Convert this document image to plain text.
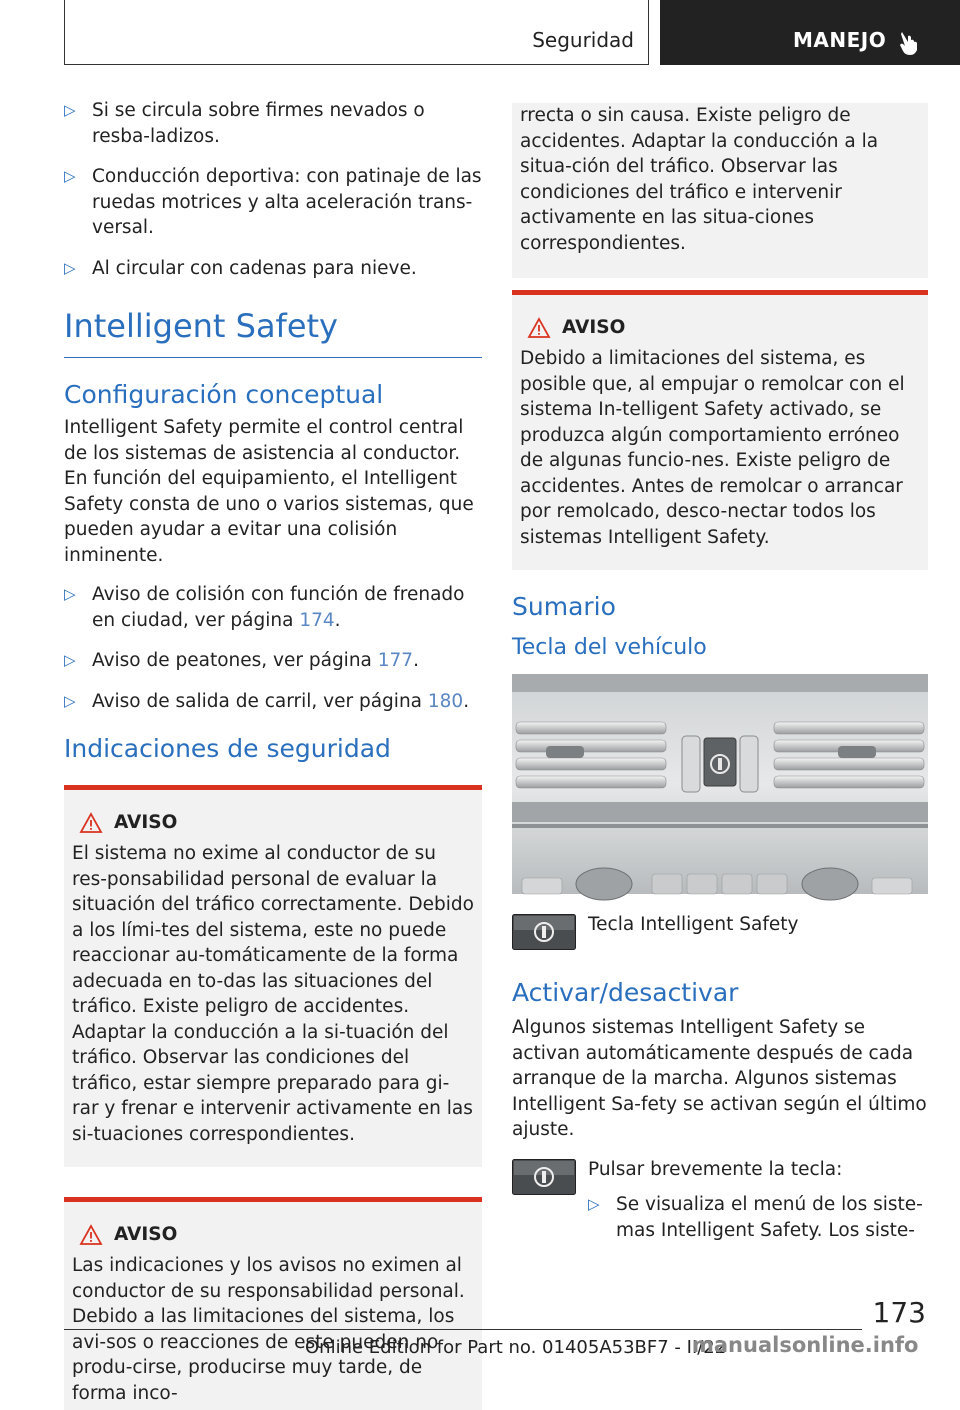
Seguridad	MANEJO
▷ Si se circula sobre firmes nevados o resba-ladizos.
▷ Conducción deportiva: con patinaje de las ruedas motrices y alta aceleración trans-versal.
▷ Al circular con cadenas para nieve.
Intelligent Safety
Configuración conceptual
Intelligent Safety permite el control central de los sistemas de asistencia al conductor. En función del equipamiento, el Intelligent Safety consta de uno o varios sistemas, que pueden ayudar a evitar una colisión inminente.
▷ Aviso de colisión con función de frenado en ciudad, ver página 174.
▷ Aviso de peatones, ver página 177.
▷ Aviso de salida de carril, ver página 180.
Indicaciones de seguridad
AVISO
El sistema no exime al conductor de su res-ponsabilidad personal de evaluar la situación del tráfico correctamente. Debido a los lími-tes del sistema, este no puede reaccionar au-tomáticamente de la forma adecuada en to-das las situaciones del tráfico. Existe peligro de accidentes. Adaptar la conducción a la si-tuación del tráfico. Observar las condiciones del tráfico, estar siempre preparado para gi-rar y frenar e intervenir activamente en las si-tuaciones correspondientes.
AVISO
Las indicaciones y los avisos no eximen al conductor de su responsabilidad personal. Debido a las limitaciones del sistema, los avi-sos o reacciones de este pueden no produ-cirse, producirse muy tarde, de forma inco-
rrecta o sin causa. Existe peligro de accidentes. Adaptar la conducción a la situa-ción del tráfico. Observar las condiciones del tráfico e intervenir activamente en las situa-ciones correspondientes.
AVISO
Debido a limitaciones del sistema, es posible que, al empujar o remolcar con el sistema In-telligent Safety activado, se produzca algún comportamiento erróneo de algunas funcio-nes. Existe peligro de accidentes. Antes de remolcar o arrancar por remolcado, desco-nectar todos los sistemas Intelligent Safety.
Sumario
Tecla del vehículo
Tecla Intelligent Safety
Activar/desactivar
Algunos sistemas Intelligent Safety se activan automáticamente después de cada arranque de la marcha. Algunos sistemas Intelligent Sa-fety se activan según el último ajuste.
Pulsar brevemente la tecla:
▷ Se visualiza el menú de los siste-mas Intelligent Safety. Los siste-
173
Online Edition for Part no. 01405A53BF7 - II/22
manualsonline.info
